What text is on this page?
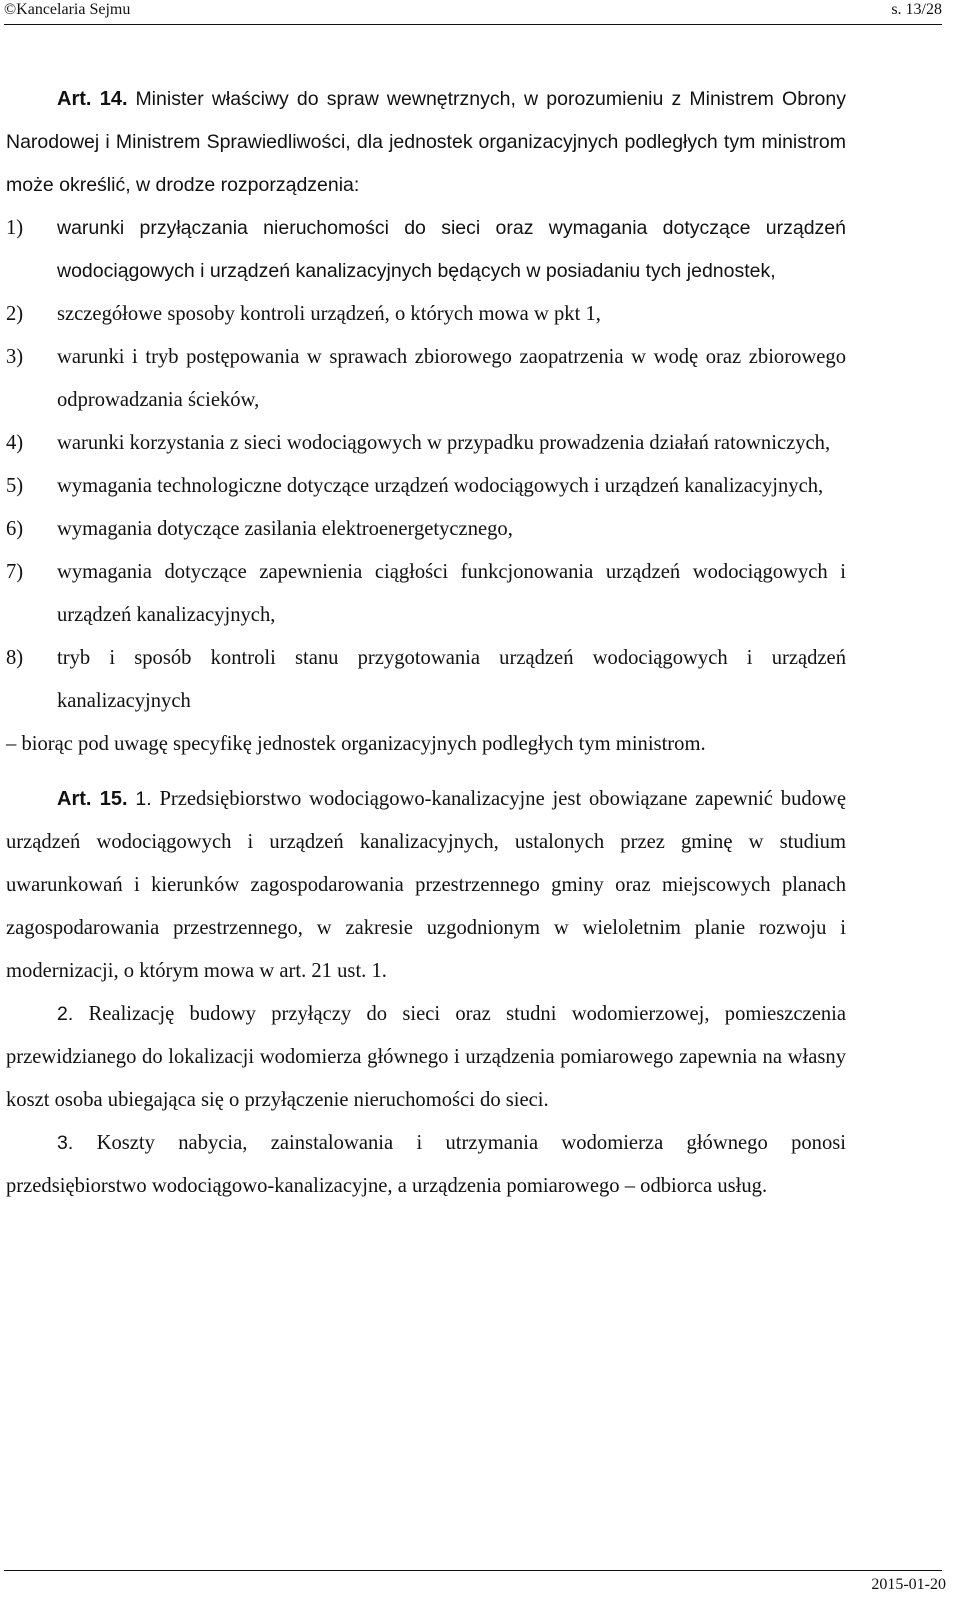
©Kancelaria Sejmu	s. 13/28

Art. 14. Minister właściwy do spraw wewnętrznych, w porozumieniu z Ministrem Obrony Narodowej i Ministrem Sprawiedliwości, dla jednostek organizacyjnych podległych tym ministrom może określić, w drodze rozporządzenia:

1) warunki przyłączania nieruchomości do sieci oraz wymagania dotyczące urządzeń wodociągowych i urządzeń kanalizacyjnych będących w posiadaniu tych jednostek,
2) szczegółowe sposoby kontroli urządzeń, o których mowa w pkt 1,
3) warunki i tryb postępowania w sprawach zbiorowego zaopatrzenia w wodę oraz zbiorowego odprowadzania ścieków,
4) warunki korzystania z sieci wodociągowych w przypadku prowadzenia działań ratowniczych,
5) wymagania technologiczne dotyczące urządzeń wodociągowych i urządzeń kanalizacyjnych,
6) wymagania dotyczące zasilania elektroenergetycznego,
7) wymagania dotyczące zapewnienia ciągłości funkcjonowania urządzeń wodociągowych i urządzeń kanalizacyjnych,
8) tryb i sposób kontroli stanu przygotowania urządzeń wodociągowych i urządzeń kanalizacyjnych

– biorąc pod uwagę specyfikę jednostek organizacyjnych podległych tym ministrom.

Art. 15. 1. Przedsiębiorstwo wodociągowo-kanalizacyjne jest obowiązane zapewnić budowę urządzeń wodociągowych i urządzeń kanalizacyjnych, ustalonych przez gminę w studium uwarunkowań i kierunków zagospodarowania przestrzennego gminy oraz miejscowych planach zagospodarowania przestrzennego, w zakresie uzgodnionym w wieloletnim planie rozwoju i modernizacji, o którym mowa w art. 21 ust. 1.

2. Realizację budowy przyłączy do sieci oraz studni wodomierzowej, pomieszczenia przewidzianego do lokalizacji wodomierza głównego i urządzenia pomiarowego zapewnia na własny koszt osoba ubiegająca się o przyłączenie nieruchomości do sieci.

3. Koszty nabycia, zainstalowania i utrzymania wodomierza głównego ponosi przedsiębiorstwo wodociągowo-kanalizacyjne, a urządzenia pomiarowego – odbiorca usług.

2015-01-20
